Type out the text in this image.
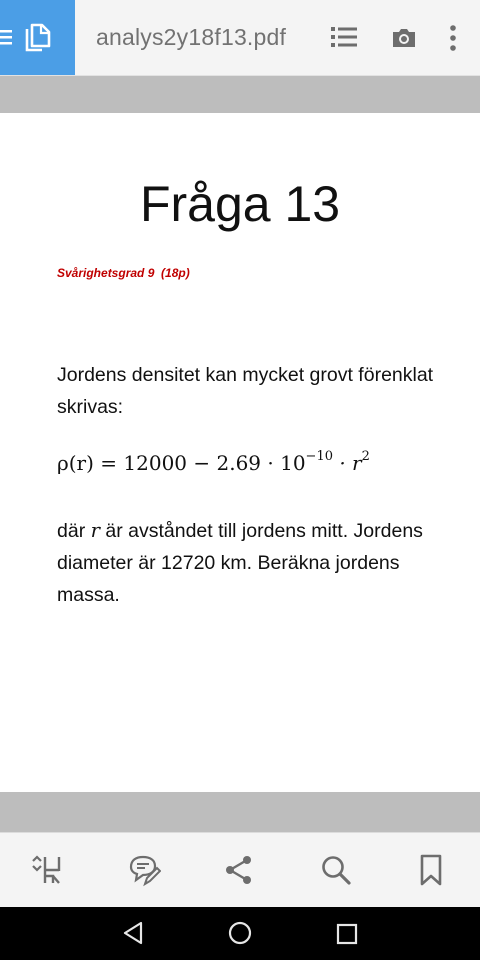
analys2y18f13.pdf
Fråga 13
Svårighetsgrad 9  (18p)
Jordens densitet kan mycket grovt förenklat skrivas:
$\rho(r) = 12000 - 2.69 \cdot 10^{-10} \cdot r^2$
där r är avståndet till jordens mitt. Jordens diameter är 12720 km. Beräkna jordens massa.
